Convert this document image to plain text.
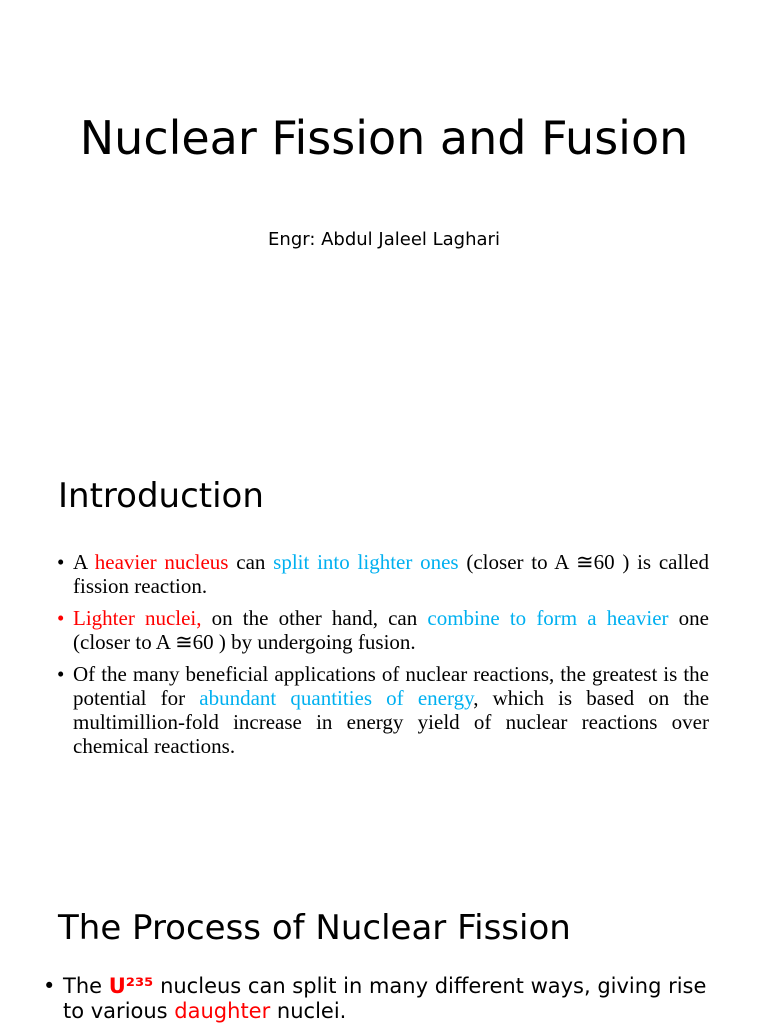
Nuclear Fission and Fusion
Engr: Abdul Jaleel Laghari
Introduction
• A heavier nucleus can split into lighter ones (closer to A ≅60 ) is called fission reaction.
• Lighter nuclei, on the other hand, can combine to form a heavier one (closer to A ≅60 ) by undergoing fusion.
• Of the many beneficial applications of nuclear reactions, the greatest is the potential for abundant quantities of energy, which is based on the multimillion-fold increase in energy yield of nuclear reactions over chemical reactions.
The Process of Nuclear Fission
• The U²³⁵ nucleus can split in many different ways, giving rise to various daughter nuclei.
